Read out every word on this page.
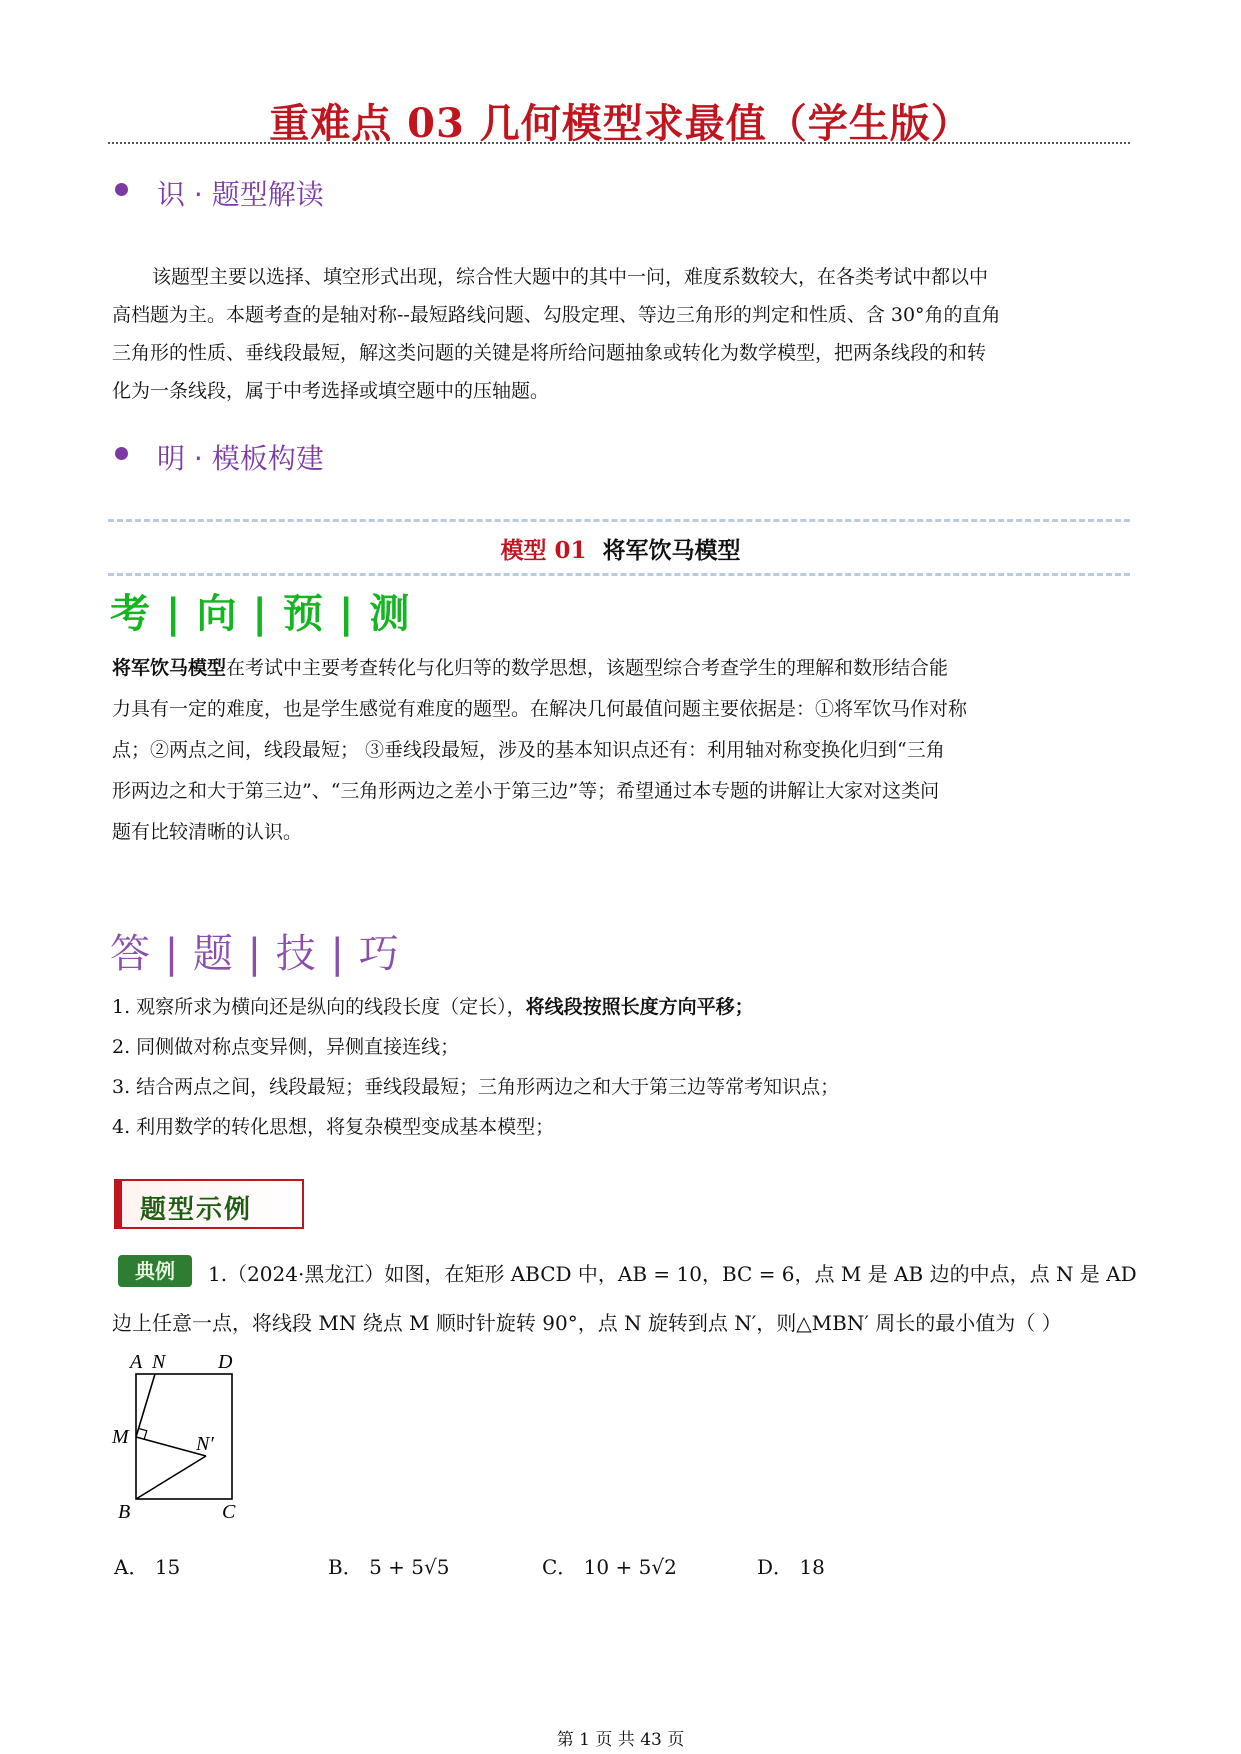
重难点 03 几何模型求最值（学生版）
识 · 题型解读
该题型主要以选择、填空形式出现，综合性大题中的其中一问，难度系数较大，在各类考试中都以中
高档题为主。本题考查的是轴对称--最短路线问题、勾股定理、等边三角形的判定和性质、含 30°角的直角
三角形的性质、垂线段最短，解这类问题的关键是将所给问题抽象或转化为数学模型，把两条线段的和转
化为一条线段，属于中考选择或填空题中的压轴题。
明 · 模板构建
模型 01 将军饮马模型
考 | 向 | 预 | 测
将军饮马模型在考试中主要考查转化与化归等的数学思想，该题型综合考查学生的理解和数形结合能
力具有一定的难度，也是学生感觉有难度的题型。在解决几何最值问题主要依据是：①将军饮马作对称
点；②两点之间，线段最短； ③垂线段最短，涉及的基本知识点还有：利用轴对称变换化归到“三角
形两边之和大于第三边”、“三角形两边之差小于第三边”等；希望通过本专题的讲解让大家对这类问
题有比较清晰的认识。
答 | 题 | 技 | 巧
1. 观察所求为横向还是纵向的线段长度（定长），将线段按照长度方向平移；
2. 同侧做对称点变异侧，异侧直接连线；
3. 结合两点之间，线段最短；垂线段最短；三角形两边之和大于第三边等常考知识点；
4. 利用数学的转化思想，将复杂模型变成基本模型；
题型示例
典例	1.（2024·黑龙江）如图，在矩形 ABCD 中，AB = 10，BC = 6，点 M 是 AB 边的中点，点 N 是 AD
边上任意一点，将线段 MN 绕点 M 顺时针旋转 90°，点 N 旋转到点 N′，则△MBN′ 周长的最小值为（ ）
A N	D
M	N′
B	C
A． 15	B． 5 + 5√5	C． 10 + 5√2	D． 18
第 1 页 共 43 页
